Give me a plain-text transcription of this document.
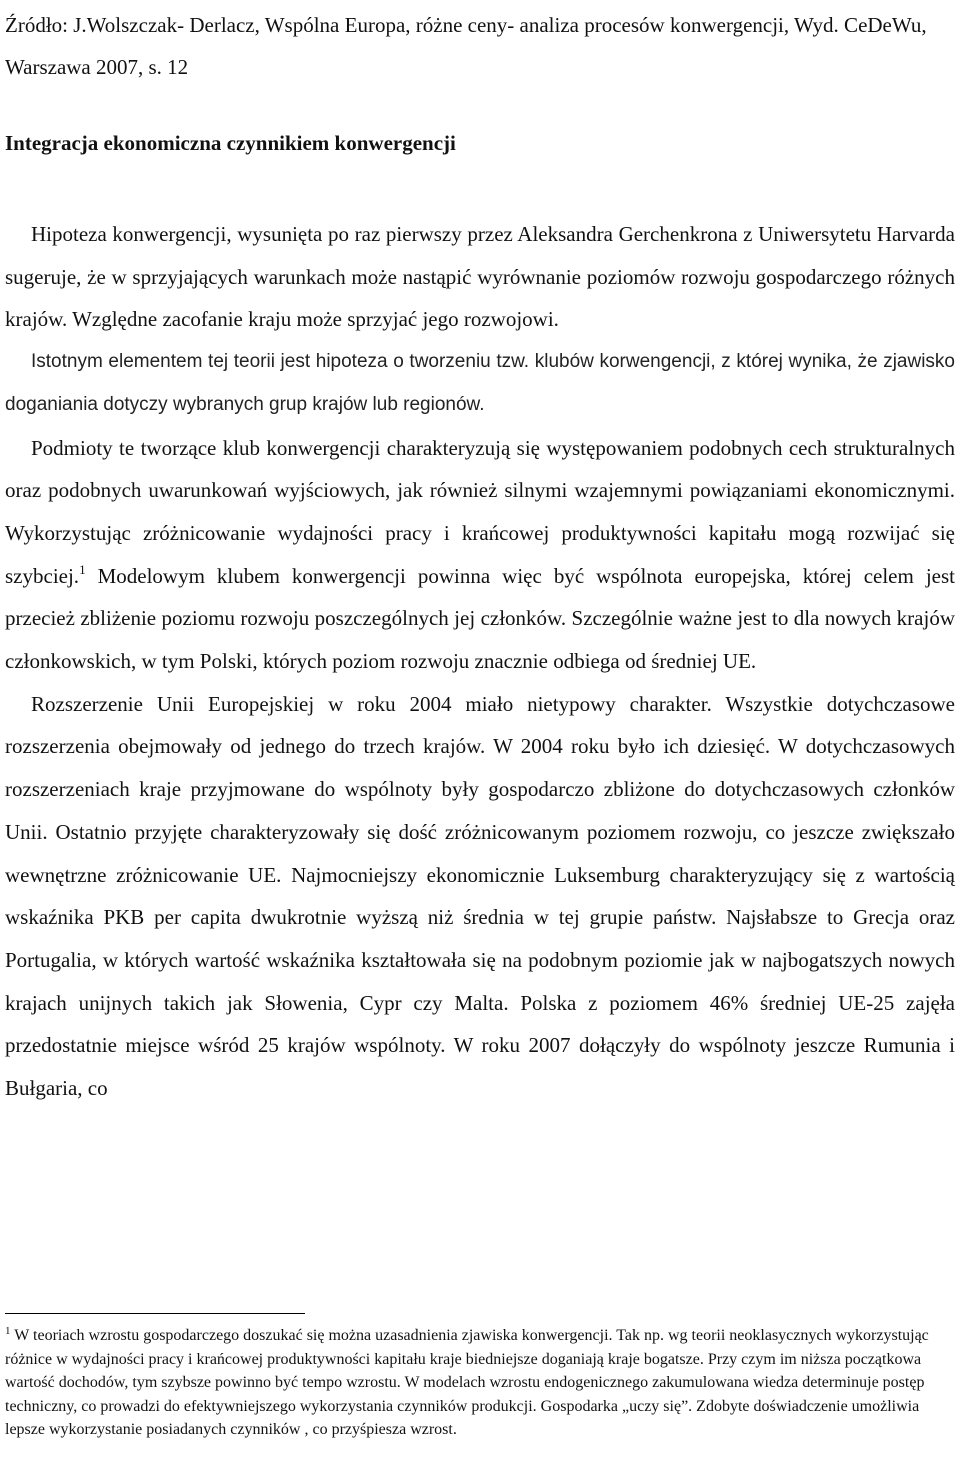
Źródło: J.Wolszczak- Derlacz, Wspólna Europa, różne ceny- analiza procesów konwergencji, Wyd. CeDeWu, Warszawa 2007, s. 12

Integracja ekonomiczna czynnikiem konwergencji

Hipoteza konwergencji, wysunięta po raz pierwszy przez Aleksandra Gerchenkrona z Uniwersytetu Harvarda sugeruje, że w sprzyjających warunkach może nastąpić wyrównanie poziomów rozwoju gospodarczego różnych krajów. Względne zacofanie kraju może sprzyjać jego rozwojowi.

Istotnym elementem tej teorii jest hipoteza o tworzeniu tzw. klubów korwengencji, z której wynika, że zjawisko doganiania dotyczy wybranych grup krajów lub regionów.

Podmioty te tworzące klub konwergencji charakteryzują się występowaniem podobnych cech strukturalnych oraz podobnych uwarunkowań wyjściowych, jak również silnymi wzajemnymi powiązaniami ekonomicznymi. Wykorzystując zróżnicowanie wydajności pracy i krańcowej produktywności kapitału mogą rozwijać się szybciej.$^1$ Modelowym klubem konwergencji powinna więc być wspólnota europejska, której celem jest przecież zbliżenie poziomu rozwoju poszczególnych jej członków. Szczególnie ważne jest to dla nowych krajów członkowskich, w tym Polski, których poziom rozwoju znacznie odbiega od średniej UE.

Rozszerzenie Unii Europejskiej w roku 2004 miało nietypowy charakter. Wszystkie dotychczasowe rozszerzenia obejmowały od jednego do trzech krajów. W 2004 roku było ich dziesięć. W dotychczasowych rozszerzeniach kraje przyjmowane do wspólnoty były gospodarczo zbliżone do dotychczasowych członków Unii. Ostatnio przyjęte charakteryzowały się dość zróżnicowanym poziomem rozwoju, co jeszcze zwiększało wewnętrzne zróżnicowanie UE. Najmocniejszy ekonomicznie Luksemburg charakteryzujący się z wartością wskaźnika PKB per capita dwukrotnie wyższą niż średnia w tej grupie państw. Najsłabsze to Grecja oraz Portugalia, w których wartość wskaźnika kształtowała się na podobnym poziomie jak w najbogatszych nowych krajach unijnych takich jak Słowenia, Cypr czy Malta. Polska z poziomem 46% średniej UE-25 zajęła przedostatnie miejsce wśród 25 krajów wspólnoty. W roku 2007 dołączyły do wspólnoty jeszcze Rumunia i Bułgaria, co

$^1$ W teoriach wzrostu gospodarczego doszukać się można uzasadnienia zjawiska konwergencji. Tak np. wg teorii neoklasycznych wykorzystując różnice w wydajności pracy i krańcowej produktywności kapitału kraje biedniejsze doganiają kraje bogatsze. Przy czym im niższa początkowa wartość dochodów, tym szybsze powinno być tempo wzrostu. W modelach wzrostu endogenicznego zakumulowana wiedza determinuje postęp techniczny, co prowadzi do efektywniejszego wykorzystania czynników produkcji. Gospodarka „uczy się”. Zdobyte doświadczenie umożliwia lepsze wykorzystanie posiadanych czynników , co przyśpiesza wzrost.
